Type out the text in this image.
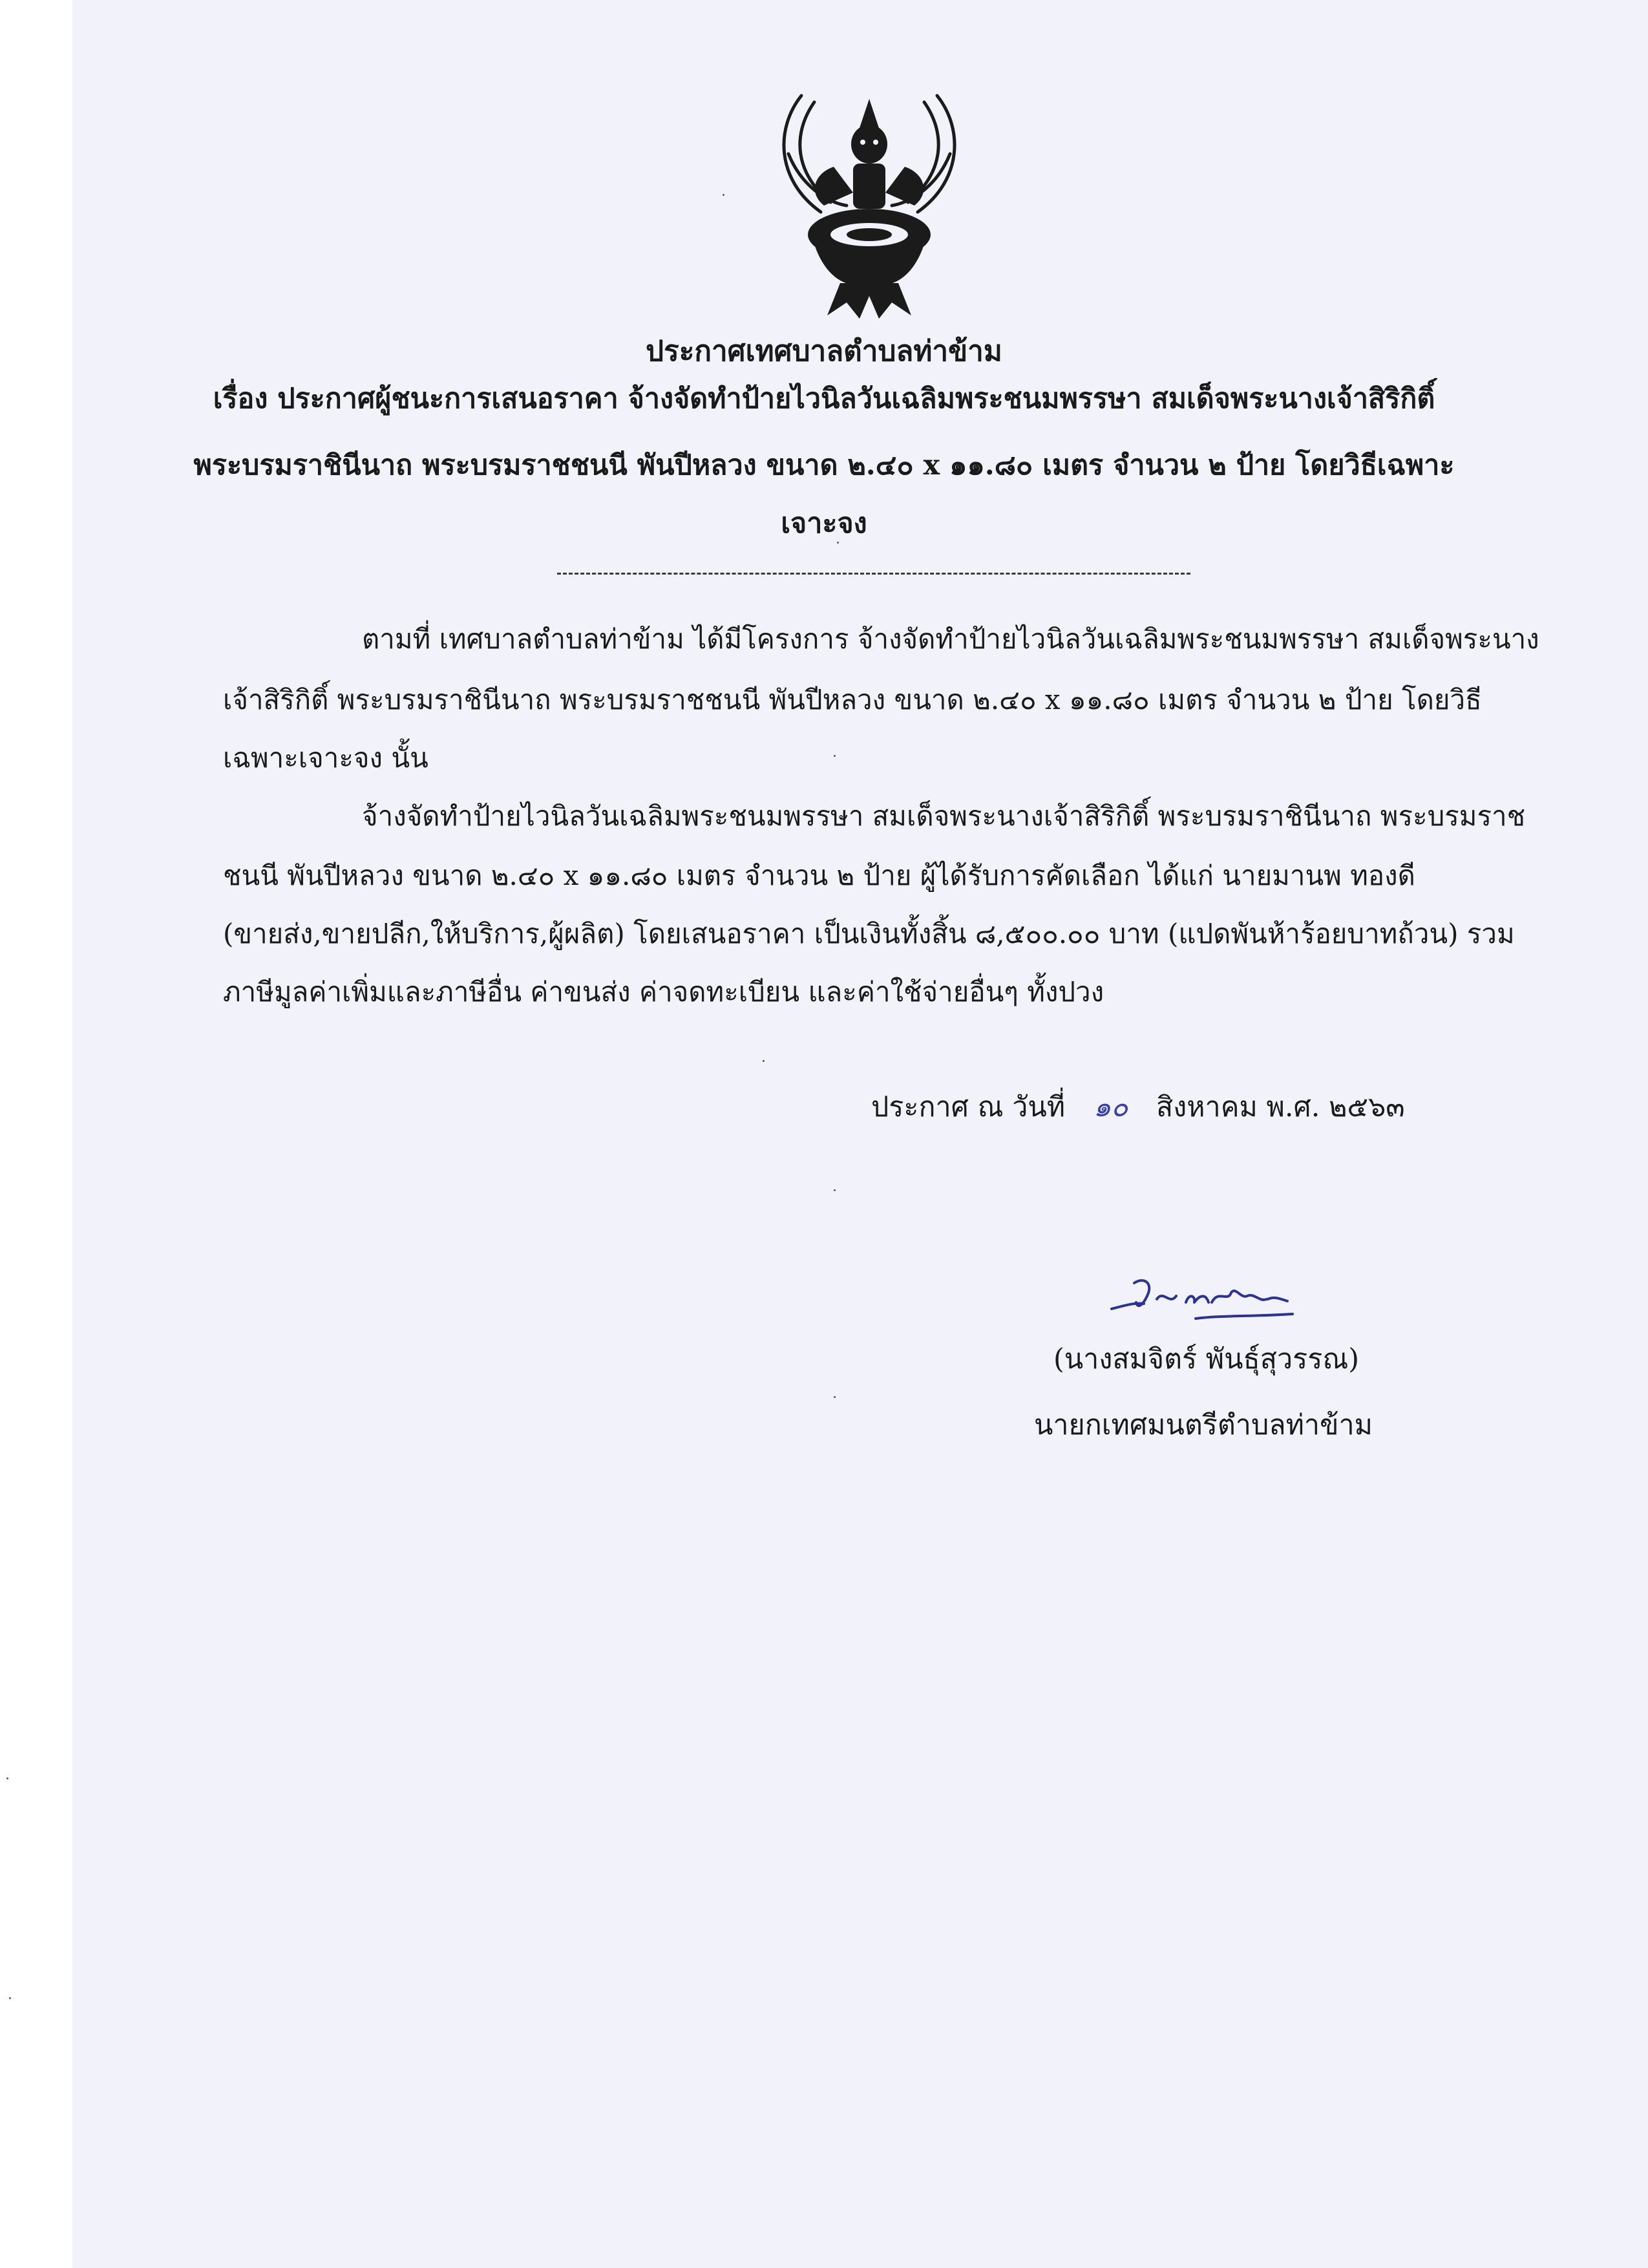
ประกาศเทศบาลตำบลท่าข้าม
เรื่อง ประกาศผู้ชนะการเสนอราคา จ้างจัดทำป้ายไวนิลวันเฉลิมพระชนมพรรษา สมเด็จพระนางเจ้าสิริกิติ์
พระบรมราชินีนาถ พระบรมราชชนนี พันปีหลวง ขนาด ๒.๔๐ x ๑๑.๘๐ เมตร จำนวน ๒ ป้าย โดยวิธีเฉพาะ
เจาะจง
ตามที่ เทศบาลตำบลท่าข้าม ได้มีโครงการ จ้างจัดทำป้ายไวนิลวันเฉลิมพระชนมพรรษา สมเด็จพระนาง
เจ้าสิริกิติ์ พระบรมราชินีนาถ พระบรมราชชนนี พันปีหลวง ขนาด ๒.๔๐ x ๑๑.๘๐ เมตร จำนวน ๒ ป้าย โดยวิธี
เฉพาะเจาะจง นั้น
จ้างจัดทำป้ายไวนิลวันเฉลิมพระชนมพรรษา สมเด็จพระนางเจ้าสิริกิติ์ พระบรมราชินีนาถ พระบรมราช
ชนนี พันปีหลวง ขนาด ๒.๔๐ x ๑๑.๘๐ เมตร จำนวน ๒ ป้าย ผู้ได้รับการคัดเลือก ได้แก่ นายมานพ ทองดี
(ขายส่ง,ขายปลีก,ให้บริการ,ผู้ผลิต) โดยเสนอราคา เป็นเงินทั้งสิ้น ๘,๕๐๐.๐๐ บาท (แปดพันห้าร้อยบาทถ้วน) รวม
ภาษีมูลค่าเพิ่มและภาษีอื่น ค่าขนส่ง ค่าจดทะเบียน และค่าใช้จ่ายอื่นๆ ทั้งปวง
ประกาศ ณ วันที่ ๑๐ สิงหาคม พ.ศ. ๒๕๖๓
(นางสมจิตร์ พันธุ์สุวรรณ)
นายกเทศมนตรีตำบลท่าข้าม
